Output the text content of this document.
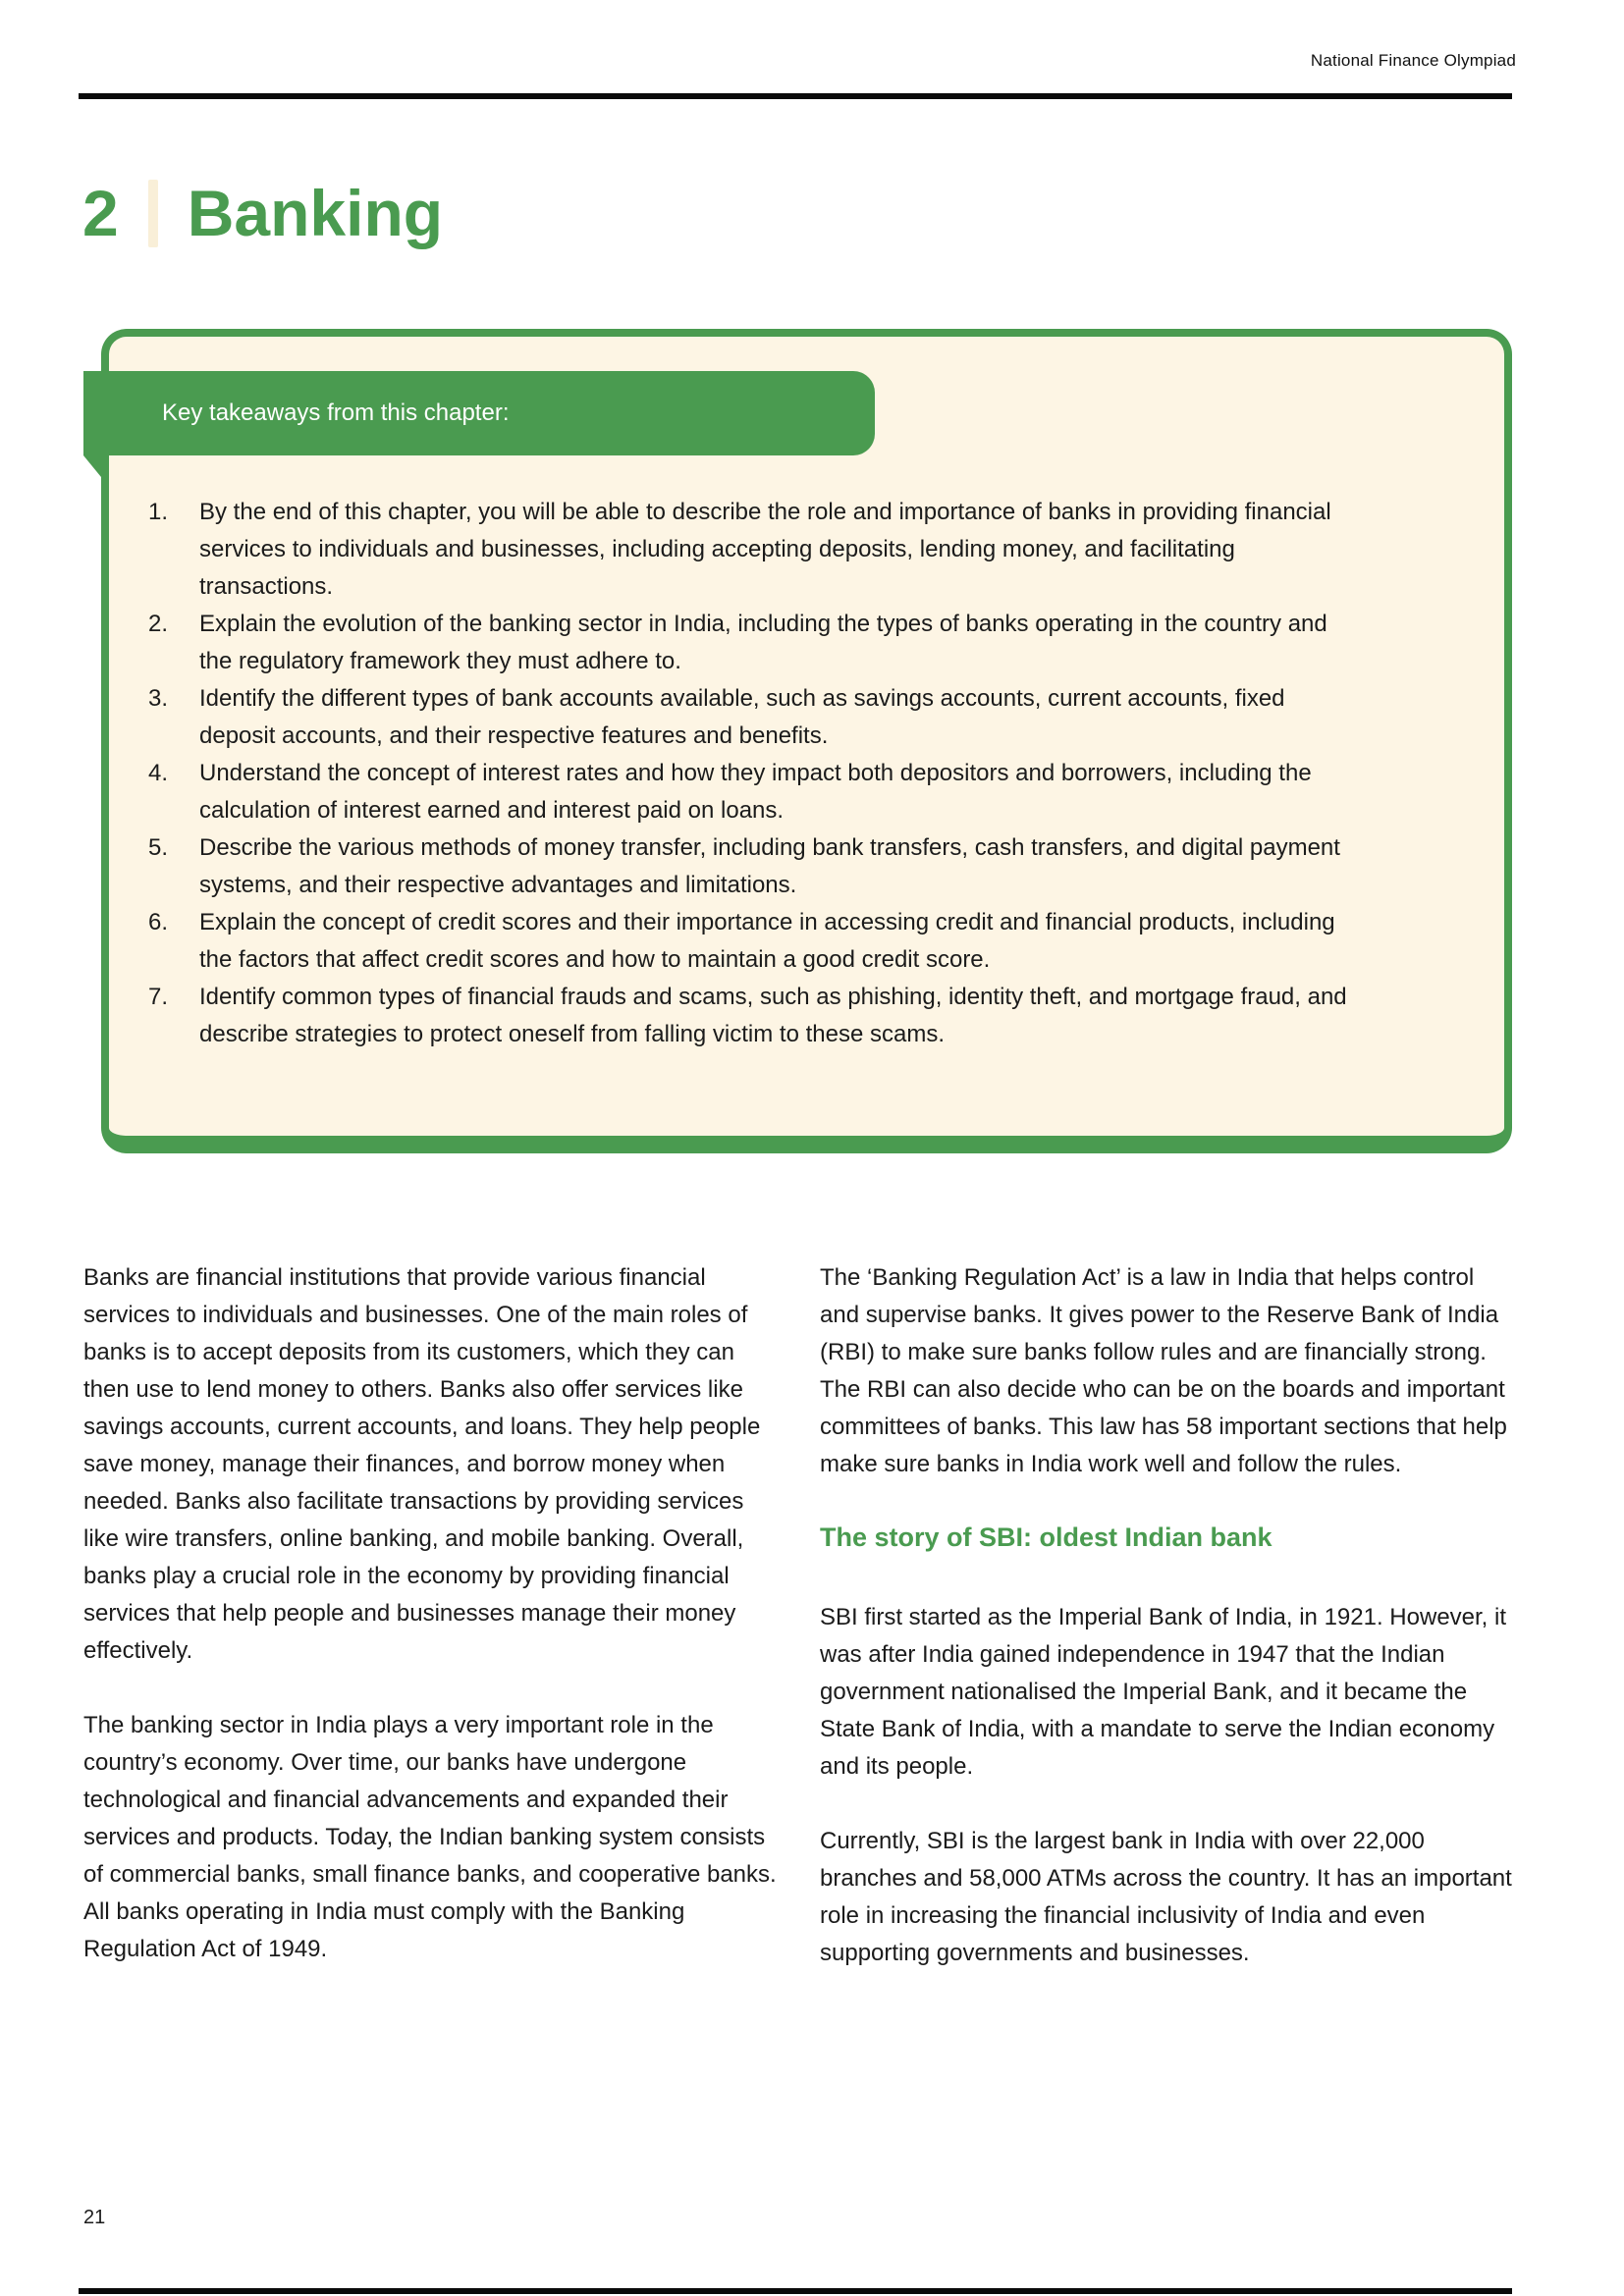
National Finance Olympiad
2 Banking
Key takeaways from this chapter:
By the end of this chapter, you will be able to describe the role and importance of banks in providing financial services to individuals and businesses, including accepting deposits, lending money, and facilitating transactions.
Explain the evolution of the banking sector in India, including the types of banks operating in the country and the regulatory framework they must adhere to.
Identify the different types of bank accounts available, such as savings accounts, current accounts, fixed deposit accounts, and their respective features and benefits.
Understand the concept of interest rates and how they impact both depositors and borrowers, including the calculation of interest earned and interest paid on loans.
Describe the various methods of money transfer, including bank transfers, cash transfers, and digital payment systems, and their respective advantages and limitations.
Explain the concept of credit scores and their importance in accessing credit and financial products, including the factors that affect credit scores and how to maintain a good credit score.
Identify common types of financial frauds and scams, such as phishing, identity theft, and mortgage fraud, and describe strategies to protect oneself from falling victim to these scams.

Banks are financial institutions that provide various financial services to individuals and businesses. One of the main roles of banks is to accept deposits from its customers, which they can then use to lend money to others. Banks also offer services like savings accounts, current accounts, and loans. They help people save money, manage their finances, and borrow money when needed. Banks also facilitate transactions by providing services like wire transfers, online banking, and mobile banking. Overall, banks play a crucial role in the economy by providing financial services that help people and businesses manage their money effectively.

The banking sector in India plays a very important role in the country’s economy. Over time, our banks have undergone technological and financial advancements and expanded their services and products. Today, the Indian banking system consists of commercial banks, small finance banks, and cooperative banks. All banks operating in India must comply with the Banking Regulation Act of 1949.

The ‘Banking Regulation Act’ is a law in India that helps control and supervise banks. It gives power to the Reserve Bank of India (RBI) to make sure banks follow rules and are financially strong. The RBI can also decide who can be on the boards and important committees of banks. This law has 58 important sections that help make sure banks in India work well and follow the rules.

The story of SBI: oldest Indian bank

SBI first started as the Imperial Bank of India, in 1921. However, it was after India gained independence in 1947 that the Indian government nationalised the Imperial Bank, and it became the State Bank of India, with a mandate to serve the Indian economy and its people.

Currently, SBI is the largest bank in India with over 22,000 branches and 58,000 ATMs across the country. It has an important role in increasing the financial inclusivity of India and even supporting governments and businesses.

21
